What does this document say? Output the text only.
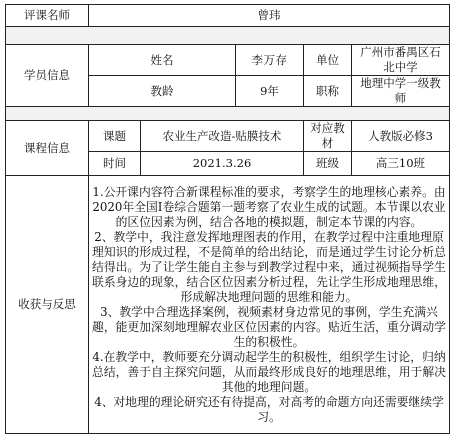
评课名师	曾玮				

学员信息	姓名		李万存	单位	广州市番禺区石北中学
	教龄		9年	职称	地理中学一级教师

课程信息	课题	农业生产改造-贴膜技术		对应教材	人教版必修3
	时间	2021.3.26		班级	高三10班
收获与反思	1.公开课内容符合新课程标准的要求，考察学生的地理核心素养。由2020年全国Ⅰ卷综合题第一题考察了农业生成的试题。本节课以农业的区位因素为例，结合各地的模拟题，制定本节课的内容。

2、教学中，我注意发挥地理图表的作用，在教学过程中注重地理原理知识的形成过程，不是简单的给出结论，而是通过学生讨论分析总结得出。为了让学生能自主参与到教学过程中来，通过视频指导学生联系身边的现象，结合区位因素分析过程，先让学生形成地理思维，形成解决地理问题的思维和能力。

3、教学中合理选择案例，视频素材身边常见的事例，学生充满兴趣，能更加深刻地理解农业区位因素的内容。贴近生活，重分调动学生的积极性。

4.在教学中，教师要充分调动起学生的积极性，组织学生讨论，归纳总结，善于自主探究问题，从而最终形成良好的地理思维，用于解决其他的地理问题。

4、对地理的理论研究还有待提高，对高考的命题方向还需要继续学习。				
